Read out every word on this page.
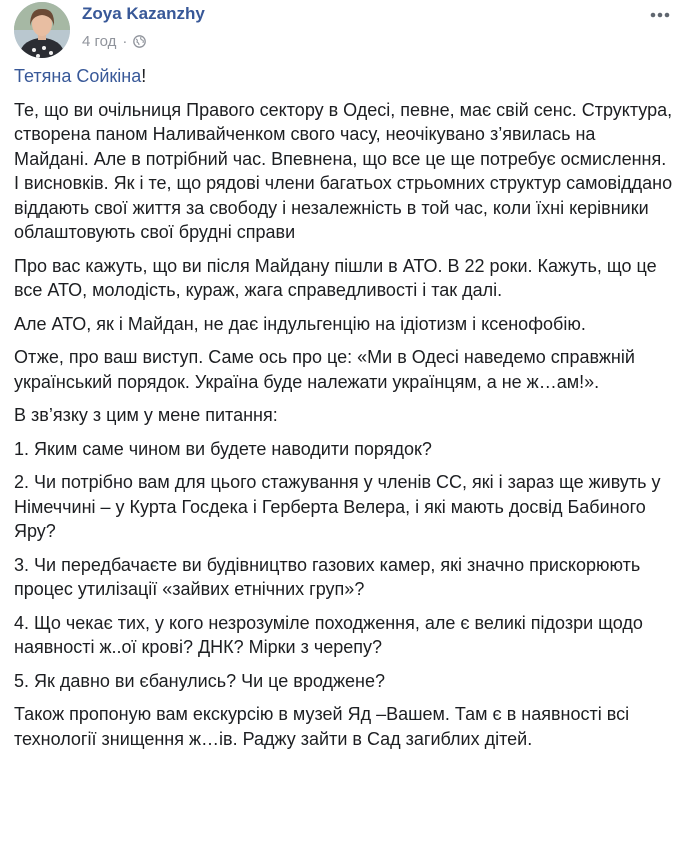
Zoya Kazanzhy
4 год ·

Тетяна Сойкіна!

Те, що ви очільниця Правого сектору в Одесі, певне, має свій сенс. Структура, створена паном Наливайченком свого часу, неочікувано з’явилась на Майдані. Але в потрібний час. Впевнена, що все це ще потребує осмислення. І висновків. Як і те, що рядові члени багатьох стрьомних структур самовіддано віддають свої життя за свободу і незалежність в той час, коли їхні керівники облаштовують свої брудні справи

Про вас кажуть, що ви після Майдану пішли в АТО. В 22 роки. Кажуть, що це все АТО, молодість, кураж, жага справедливості і так далі.

Але АТО, як і Майдан, не дає індульгенцію на ідіотизм і ксенофобію.

Отже, про ваш виступ. Саме ось про це: «Ми в Одесі наведемо справжній український порядок. Україна буде належати українцям, а не ж…ам!».

В зв’язку з цим у мене питання:

1. Яким саме чином ви будете наводити порядок?

2. Чи потрібно вам для цього стажування у членів СС, які і зараз ще живуть у Німеччині – у Курта Госдека і Герберта Велера, і які мають досвід Бабиного Яру?

3. Чи передбачаєте ви будівництво газових камер, які значно прискорюють процес утилізації «зайвих етнічних груп»?

4. Що чекає тих, у кого незрозуміле походження, але є великі підозри щодо наявності ж..ої крові? ДНК? Мірки з черепу?

5. Як давно ви єбанулись? Чи це вроджене?

Також пропоную вам екскурсію в музей Яд –Вашем. Там є в наявності всі технології знищення ж…ів. Раджу зайти в Сад загиблих дітей.
